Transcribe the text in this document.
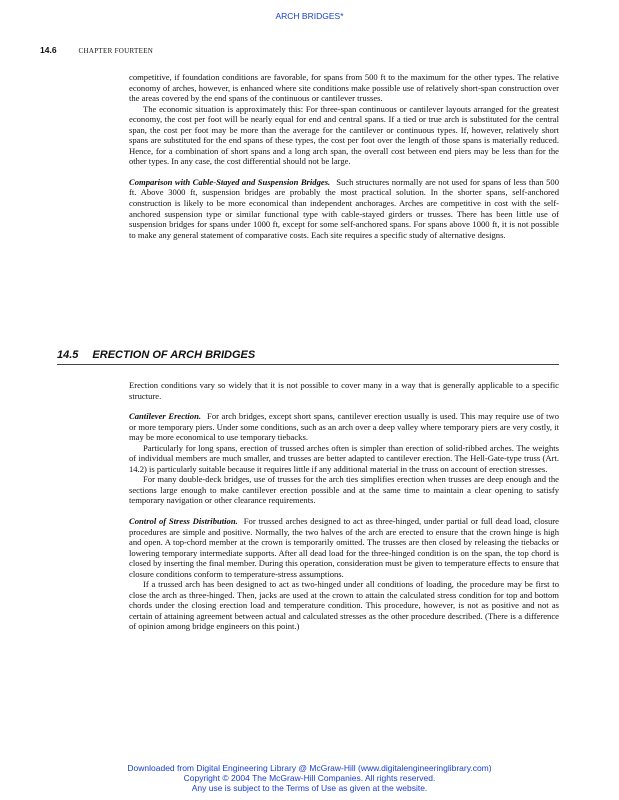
ARCH BRIDGES*
14.6	CHAPTER FOURTEEN

competitive, if foundation conditions are favorable, for spans from 500 ft to the maximum for the other types. The relative economy of arches, however, is enhanced where site conditions make possible use of relatively short-span construction over the areas covered by the end spans of the continuous or cantilever trusses.

The economic situation is approximately this: For three-span continuous or cantilever layouts arranged for the greatest economy, the cost per foot will be nearly equal for end and central spans. If a tied or true arch is substituted for the central span, the cost per foot may be more than the average for the cantilever or continuous types. If, however, relatively short spans are substituted for the end spans of these types, the cost per foot over the length of those spans is materially reduced. Hence, for a combination of short spans and a long arch span, the overall cost between end piers may be less than for the other types. In any case, the cost differential should not be large.

Comparison with Cable-Stayed and Suspension Bridges. Such structures normally are not used for spans of less than 500 ft. Above 3000 ft, suspension bridges are probably the most practical solution. In the shorter spans, self-anchored construction is likely to be more economical than independent anchorages. Arches are competitive in cost with the self-anchored suspension type or similar functional type with cable-stayed girders or trusses. There has been little use of suspension bridges for spans under 1000 ft, except for some self-anchored spans. For spans above 1000 ft, it is not possible to make any general statement of comparative costs. Each site requires a specific study of alternative designs.

14.5 ERECTION OF ARCH BRIDGES

Erection conditions vary so widely that it is not possible to cover many in a way that is generally applicable to a specific structure.

Cantilever Erection. For arch bridges, except short spans, cantilever erection usually is used. This may require use of two or more temporary piers. Under some conditions, such as an arch over a deep valley where temporary piers are very costly, it may be more economical to use temporary tiebacks.

Particularly for long spans, erection of trussed arches often is simpler than erection of solid-ribbed arches. The weights of individual members are much smaller, and trusses are better adapted to cantilever erection. The Hell-Gate-type truss (Art. 14.2) is particularly suitable because it requires little if any additional material in the truss on account of erection stresses.

For many double-deck bridges, use of trusses for the arch ties simplifies erection when trusses are deep enough and the sections large enough to make cantilever erection possible and at the same time to maintain a clear opening to satisfy temporary navigation or other clearance requirements.

Control of Stress Distribution. For trussed arches designed to act as three-hinged, under partial or full dead load, closure procedures are simple and positive. Normally, the two halves of the arch are erected to ensure that the crown hinge is high and open. A top-chord member at the crown is temporarily omitted. The trusses are then closed by releasing the tiebacks or lowering temporary intermediate supports. After all dead load for the three-hinged condition is on the span, the top chord is closed by inserting the final member. During this operation, consideration must be given to temperature effects to ensure that closure conditions conform to temperature-stress assumptions.

If a trussed arch has been designed to act as two-hinged under all conditions of loading, the procedure may be first to close the arch as three-hinged. Then, jacks are used at the crown to attain the calculated stress condition for top and bottom chords under the closing erection load and temperature condition. This procedure, however, is not as positive and not as certain of attaining agreement between actual and calculated stresses as the other procedure described. (There is a difference of opinion among bridge engineers on this point.)

Downloaded from Digital Engineering Library @ McGraw-Hill (www.digitalengineeringlibrary.com)
Copyright © 2004 The McGraw-Hill Companies. All rights reserved.
Any use is subject to the Terms of Use as given at the website.
